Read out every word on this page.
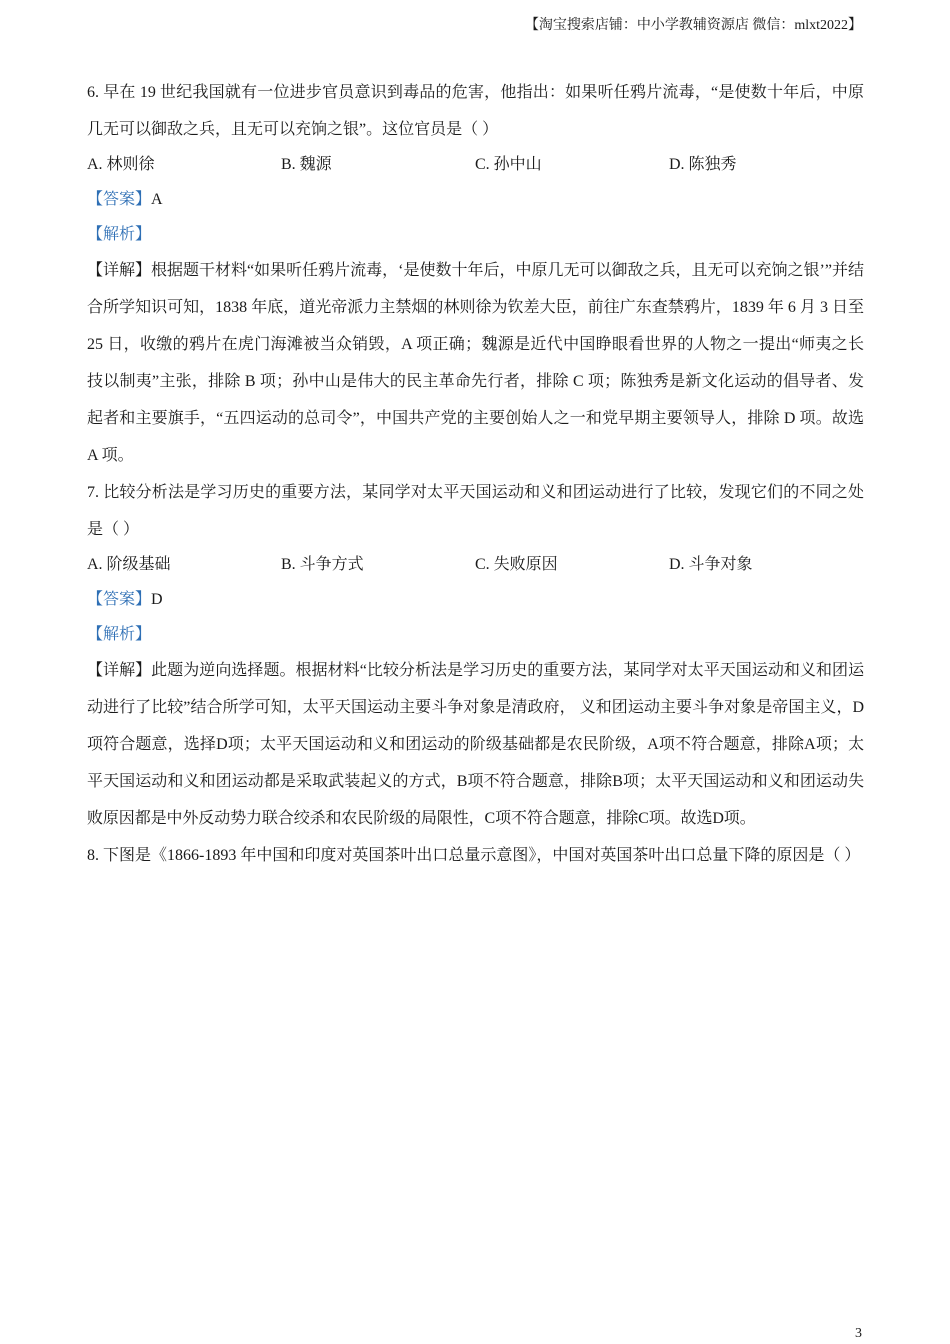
【淘宝搜索店铺：中小学教辅资源店 微信：mlxt2022】
6. 早在 19 世纪我国就有一位进步官员意识到毒品的危害，他指出：如果听任鸦片流毒，“是使数十年后，中原几无可以御敌之兵，且无可以充饷之银”。这位官员是（ ）
A. 林则徐	B. 魏源	C. 孙中山	D. 陈独秀
【答案】A
【解析】
【详解】根据题干材料“如果听任鸦片流毒，‘是使数十年后，中原几无可以御敌之兵，且无可以充饷之银’”并结合所学知识可知，1838 年底，道光帝派力主禁烟的林则徐为钦差大臣，前往广东查禁鸦片，1839 年 6 月 3 日至 25 日，收缴的鸦片在虎门海滩被当众销毁，A 项正确；魏源是近代中国睁眼看世界的人物之一提出“师夷之长技以制夷”主张，排除 B 项；孙中山是伟大的民主革命先行者，排除 C 项；陈独秀是新文化运动的倡导者、发起者和主要旗手，“五四运动的总司令”，中国共产党的主要创始人之一和党早期主要领导人，排除 D 项。故选 A 项。
7. 比较分析法是学习历史的重要方法，某同学对太平天国运动和义和团运动进行了比较，发现它们的不同之处是（ ）
A. 阶级基础	B. 斗争方式	C. 失败原因	D. 斗争对象
【答案】D
【解析】
【详解】此题为逆向选择题。根据材料“比较分析法是学习历史的重要方法，某同学对太平天国运动和义和团运动进行了比较”结合所学可知，太平天国运动主要斗争对象是清政府， 义和团运动主要斗争对象是帝国主义，D项符合题意，选择D项；太平天国运动和义和团运动的阶级基础都是农民阶级，A项不符合题意，排除A项；太平天国运动和义和团运动都是采取武装起义的方式，B项不符合题意，排除B项；太平天国运动和义和团运动失败原因都是中外反动势力联合绞杀和农民阶级的局限性，C项不符合题意，排除C项。故选D项。
8. 下图是《1866-1893 年中国和印度对英国茶叶出口总量示意图》，中国对英国茶叶出口总量下降的原因是（ ）
3
